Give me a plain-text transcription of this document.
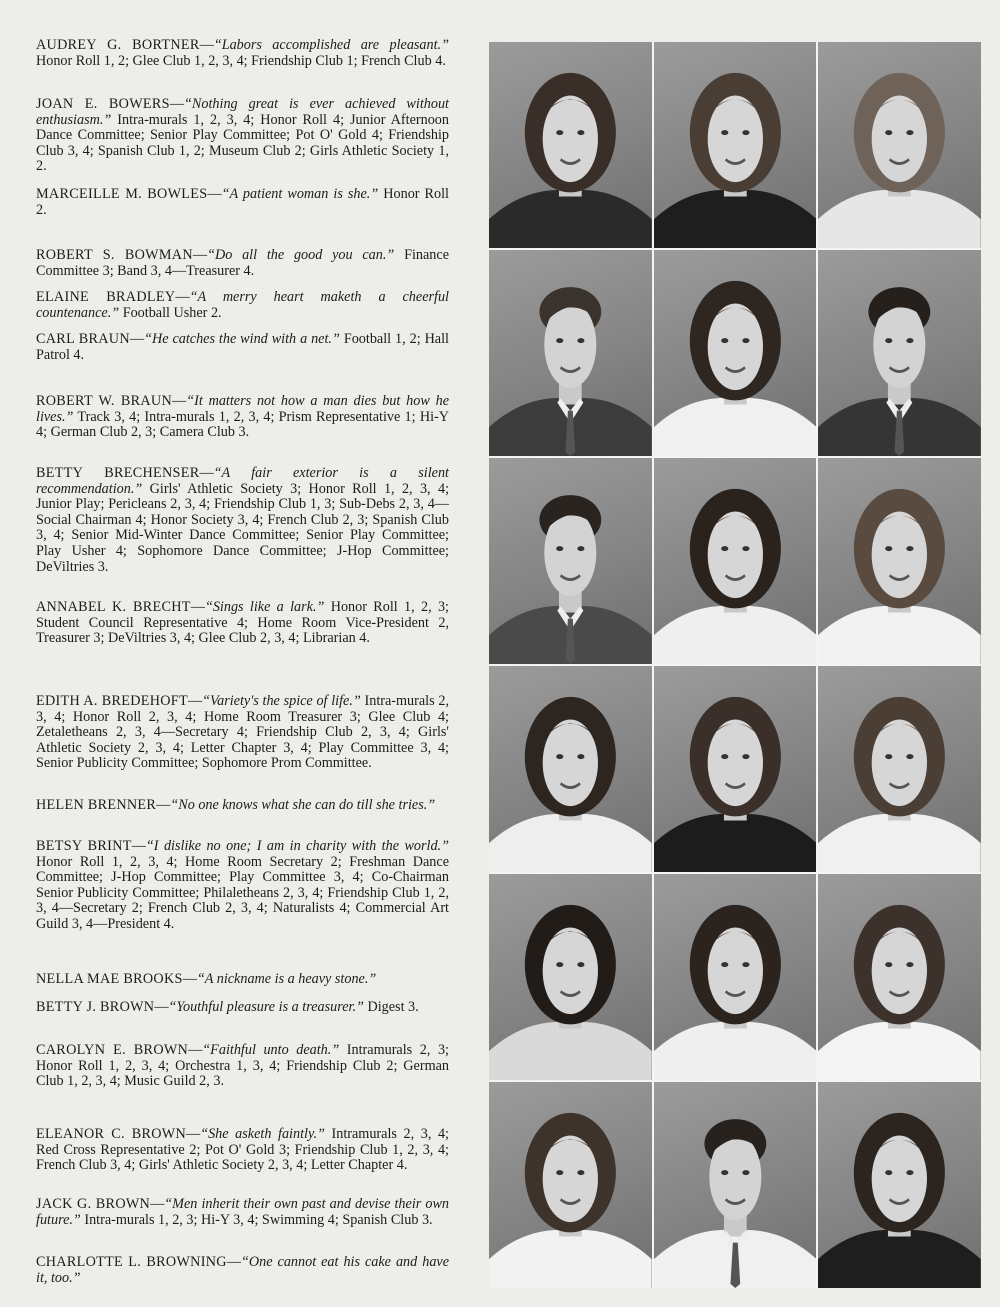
AUDREY G. BORTNER—“Labors accomplished are pleasant.” Honor Roll 1, 2; Glee Club 1, 2, 3, 4; Friendship Club 1; French Club 4.

JOAN E. BOWERS—“Nothing great is ever achieved without enthusiasm.” Intra-murals 1, 2, 3, 4; Honor Roll 4; Junior Afternoon Dance Committee; Senior Play Committee; Pot O' Gold 4; Friendship Club 3, 4; Spanish Club 1, 2; Museum Club 2; Girls Athletic Society 1, 2.

MARCEILLE M. BOWLES—“A patient woman is she.” Honor Roll 2.

ROBERT S. BOWMAN—“Do all the good you can.” Finance Committee 3; Band 3, 4—Treasurer 4.

ELAINE BRADLEY—“A merry heart maketh a cheerful countenance.” Football Usher 2.

CARL BRAUN—“He catches the wind with a net.” Football 1, 2; Hall Patrol 4.

ROBERT W. BRAUN—“It matters not how a man dies but how he lives.” Track 3, 4; Intra-murals 1, 2, 3, 4; Prism Representative 1; Hi-Y 4; German Club 2, 3; Camera Club 3.

BETTY BRECHENSER—“A fair exterior is a silent recommendation.” Girls' Athletic Society 3; Honor Roll 1, 2, 3, 4; Junior Play; Pericleans 2, 3, 4; Friendship Club 1, 3; Sub-Debs 2, 3, 4—Social Chairman 4; Honor Society 3, 4; French Club 2, 3; Spanish Club 3, 4; Senior Mid-Winter Dance Committee; Senior Play Committee; Play Usher 4; Sophomore Dance Committee; J-Hop Committee; DeViltries 3.

ANNABEL K. BRECHT—“Sings like a lark.” Honor Roll 1, 2, 3; Student Council Representative 4; Home Room Vice-President 2, Treasurer 3; DeViltries 3, 4; Glee Club 2, 3, 4; Librarian 4.

EDITH A. BREDEHOFT—“Variety's the spice of life.” Intra-murals 2, 3, 4; Honor Roll 2, 3, 4; Home Room Treasurer 3; Glee Club 4; Zetaletheans 2, 3, 4—Secretary 4; Friendship Club 2, 3, 4; Girls' Athletic Society 2, 3, 4; Letter Chapter 3, 4; Play Committee 3, 4; Senior Publicity Committee; Sophomore Prom Committee.

HELEN BRENNER—“No one knows what she can do till she tries.”

BETSY BRINT—“I dislike no one; I am in charity with the world.” Honor Roll 1, 2, 3, 4; Home Room Secretary 2; Freshman Dance Committee; J-Hop Committee; Play Committee 3, 4; Co-Chairman Senior Publicity Committee; Philaletheans 2, 3, 4; Friendship Club 1, 2, 3, 4—Secretary 2; French Club 2, 3, 4; Naturalists 4; Commercial Art Guild 3, 4—President 4.

NELLA MAE BROOKS—“A nickname is a heavy stone.”

BETTY J. BROWN—“Youthful pleasure is a treasurer.” Digest 3.

CAROLYN E. BROWN—“Faithful unto death.” Intramurals 2, 3; Honor Roll 1, 2, 3, 4; Orchestra 1, 3, 4; Friendship Club 2; German Club 1, 2, 3, 4; Music Guild 2, 3.

ELEANOR C. BROWN—“She asketh faintly.” Intramurals 2, 3, 4; Red Cross Representative 2; Pot O' Gold 3; Friendship Club 1, 2, 3, 4; French Club 3, 4; Girls' Athletic Society 2, 3, 4; Letter Chapter 4.

JACK G. BROWN—“Men inherit their own past and devise their own future.” Intra-murals 1, 2, 3; Hi-Y 3, 4; Swimming 4; Spanish Club 3.

CHARLOTTE L. BROWNING—“One cannot eat his cake and have it, too.”
